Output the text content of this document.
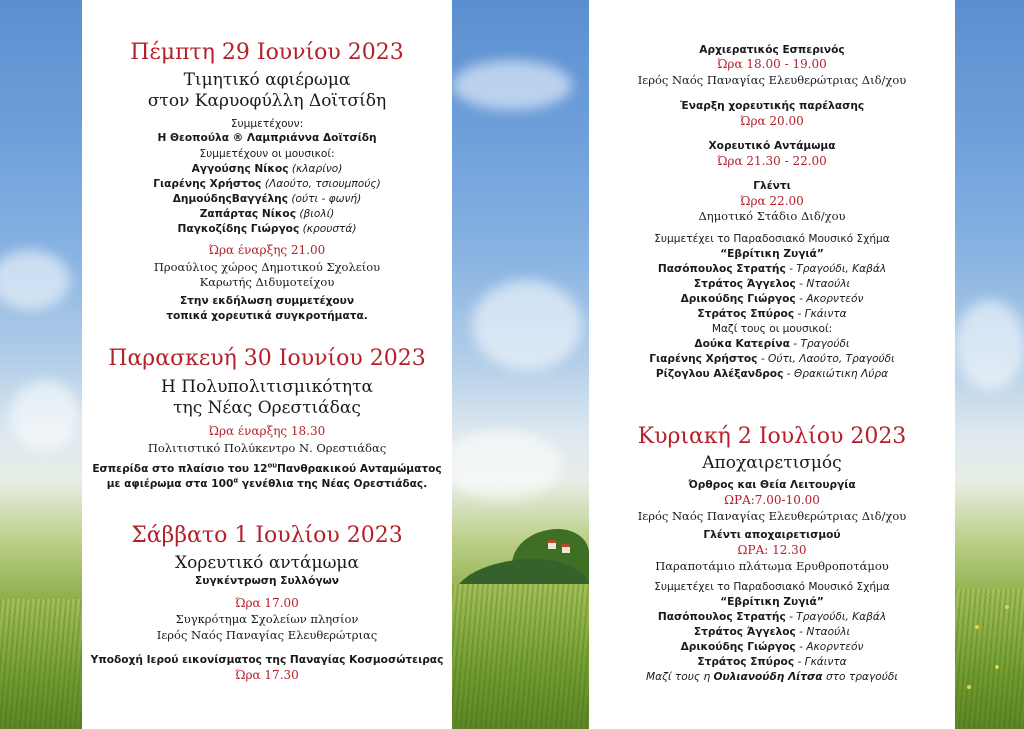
Πέμπτη 29 Ιουνίου 2023
Τιμητικό αφιέρωμα
στον Καρυοφύλλη Δοϊτσίδη
Συμμετέχουν:
Η Θεοπούλα ® Λαμπριάννα Δοϊτσίδη
Συμμετέχουν οι μουσικοί:
Αγγούσης Νίκος (κλαρίνο)
Γιαρένης Χρήστος (Λαούτο, τσιουμπούς)
ΔημούδηςΒαγγέλης (ούτι - φωνή)
Ζαπάρτας Νίκος (βιολί)
Παγκοζίδης Γιώργος (κρουστά)
Ώρα έναρξης 21.00
Προαύλιος χώρος Δημοτικού Σχολείου
Καρωτής Διδυμοτείχου
Στην εκδήλωση συμμετέχουν
τοπικά χορευτικά συγκροτήματα.
Παρασκευή 30 Ιουνίου 2023
Η Πολυπολιτισμικότητα
της Νέας Ορεστιάδας
Ώρα έναρξης 18.30
Πολιτιστικό Πολύκεντρο Ν. Ορεστιάδας
Εσπερίδα στο πλαίσιο του $12^{o\upsilon}\Pi\alpha\nu\theta\rho\alpha\kappa\iota\kappa oύ$ Ανταμώματος
με αφιέρωμα στα $100^\alpha$ γενέθλια της Νέας Ορεστιάδας.
Σάββατο 1 Ιουλίου 2023
Χορευτικό αντάμωμα
Συγκέντρωση Συλλόγων
Ώρα 17.00
Συγκρότημα Σχολείων πλησίον
Ιερός Ναός Παναγίας Ελευθερώτριας
Υποδοχή Ιερού εικονίσματος της Παναγίας Κοσμοσώτειρας
Ώρα 17.30
Αρχιερατικός Εσπερινός
Ώρα 18.00 - 19.00
Ιερός Ναός Παναγίας Ελευθερώτριας Διδ/χου
Έναρξη χορευτικής παρέλασης
Ώρα 20.00
Χορευτικό Αντάμωμα
Ώρα 21.30 - 22.00
Γλέντι
Ώρα 22.00
Δημοτικό Στάδιο Διδ/χου
Συμμετέχει το Παραδοσιακό Μουσικό Σχήμα
“Εβρίτικη Ζυγιά”
Πασόπουλος Στρατής - Τραγούδι, Καβάλ
Στράτος Άγγελος - Νταούλι
Δρικούδης Γιώργος - Ακορντεόν
Στράτος Σπύρος - Γκάιντα
Μαζί τους οι μουσικοί:
Δούκα Κατερίνα - Τραγούδι
Γιαρένης Χρήστος - Ούτι, Λαούτο, Τραγούδι
Ρίζογλου Αλέξανδρος - Θρακιώτικη Λύρα
Κυριακή 2 Ιουλίου 2023
Αποχαιρετισμός
Όρθρος και Θεία Λειτουργία
ΩΡΑ:7.00-10.00
Ιερός Ναός Παναγίας Ελευθερώτριας Διδ/χου
Γλέντι αποχαιρετισμού
ΩΡΑ: 12.30
Παραποτάμιο πλάτωμα Ερυθροποτάμου
Συμμετέχει το Παραδοσιακό Μουσικό Σχήμα
“Εβρίτικη Ζυγιά”
Πασόπουλος Στρατής - Τραγούδι, Καβάλ
Στράτος Άγγελος - Νταούλι
Δρικούδης Γιώργος - Ακορντεόν
Στράτος Σπύρος - Γκάιντα
Μαζί τους η Ουλιανούδη Λίτσα στο τραγούδι
